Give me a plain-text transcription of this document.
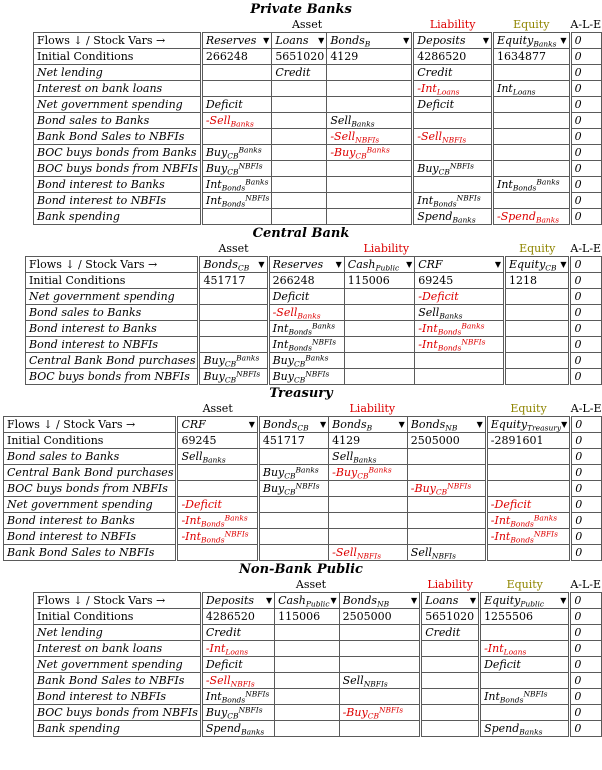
Private Banks
	Asset			Liability	Equity	A-L-E
Flows ↓ / Stock Vars →	Reserves ▼	Loans ▼	Bonds$_B$ ▼	Deposits ▼	Equity$_{Banks}$ ▼	0
Initial Conditions	266248	5651020	4129	4286520	1634877	0
Net lending		Credit		Credit		0
Interest on bank loans				-Int$_{Loans}$	Int$_{Loans}$	0
Net government spending	Deficit			Deficit		0
Bond sales to Banks	-Sell$_{Banks}$		Sell$_{Banks}$			0
Bank Bond Sales to NBFIs			-Sell$_{NBFIs}$	-Sell$_{NBFIs}$		0
BOC buys bonds from Banks	Buy$_{CB}^{Banks}$		-Buy$_{CB}^{Banks}$			0
BOC buys bonds from NBFIs	Buy$_{CB}^{NBFIs}$			Buy$_{CB}^{NBFIs}$		0
Bond interest to Banks	Int$_{Bonds}^{Banks}$				Int$_{Bonds}^{Banks}$	0
Bond interest to NBFIs	Int$_{Bonds}^{NBFIs}$			Int$_{Bonds}^{NBFIs}$		0
Bank spending				Spend$_{Banks}$	-Spend$_{Banks}$	0
Central Bank
	Asset	Liability			Equity	A-L-E
Flows ↓ / Stock Vars →	Bonds$_{CB}$ ▼	Reserves ▼	Cash$_{Public}$ ▼	CRF ▼	Equity$_{CB}$ ▼	0
Initial Conditions	451717	266248	115006	69245	1218	0
Net government spending		Deficit		-Deficit		0
Bond sales to Banks		-Sell$_{Banks}$		Sell$_{Banks}$		0
Bond interest to Banks		Int$_{Bonds}^{Banks}$		-Int$_{Bonds}^{Banks}$		0
Bond interest to NBFIs		Int$_{Bonds}^{NBFIs}$		-Int$_{Bonds}^{NBFIs}$		0
Central Bank Bond purchases	Buy$_{CB}^{Banks}$	Buy$_{CB}^{Banks}$				0
BOC buys bonds from NBFIs	Buy$_{CB}^{NBFIs}$	Buy$_{CB}^{NBFIs}$				0
Treasury
	Asset	Liability			Equity	A-L-E
Flows ↓ / Stock Vars →	CRF ▼	Bonds$_{CB}$ ▼	Bonds$_B$ ▼	Bonds$_{NB}$ ▼	Equity$_{Treasury}$ ▼	0
Initial Conditions	69245	451717	4129	2505000	-2891601	0
Bond sales to Banks	Sell$_{Banks}$		Sell$_{Banks}$			0
Central Bank Bond purchases		Buy$_{CB}^{Banks}$	-Buy$_{CB}^{Banks}$			0
BOC buys bonds from NBFIs		Buy$_{CB}^{NBFIs}$		-Buy$_{CB}^{NBFIs}$		0
Net government spending	-Deficit				-Deficit	0
Bond interest to Banks	-Int$_{Bonds}^{Banks}$				-Int$_{Bonds}^{Banks}$	0
Bond interest to NBFIs	-Int$_{Bonds}^{NBFIs}$				-Int$_{Bonds}^{NBFIs}$	0
Bank Bond Sales to NBFIs			-Sell$_{NBFIs}$	Sell$_{NBFIs}$		0
Non-Bank Public
	Asset			Liability	Equity	A-L-E
Flows ↓ / Stock Vars →	Deposits ▼	Cash$_{Public}$ ▼	Bonds$_{NB}$ ▼	Loans ▼	Equity$_{Public}$ ▼	0
Initial Conditions	4286520	115006	2505000	5651020	1255506	0
Net lending	Credit			Credit		0
Interest on bank loans	-Int$_{Loans}$				-Int$_{Loans}$	0
Net government spending	Deficit				Deficit	0
Bank Bond Sales to NBFIs	-Sell$_{NBFIs}$		Sell$_{NBFIs}$			0
Bond interest to NBFIs	Int$_{Bonds}^{NBFIs}$				Int$_{Bonds}^{NBFIs}$	0
BOC buys bonds from NBFIs	Buy$_{CB}^{NBFIs}$		-Buy$_{CB}^{NBFIs}$			0
Bank spending	Spend$_{Banks}$				Spend$_{Banks}$	0
